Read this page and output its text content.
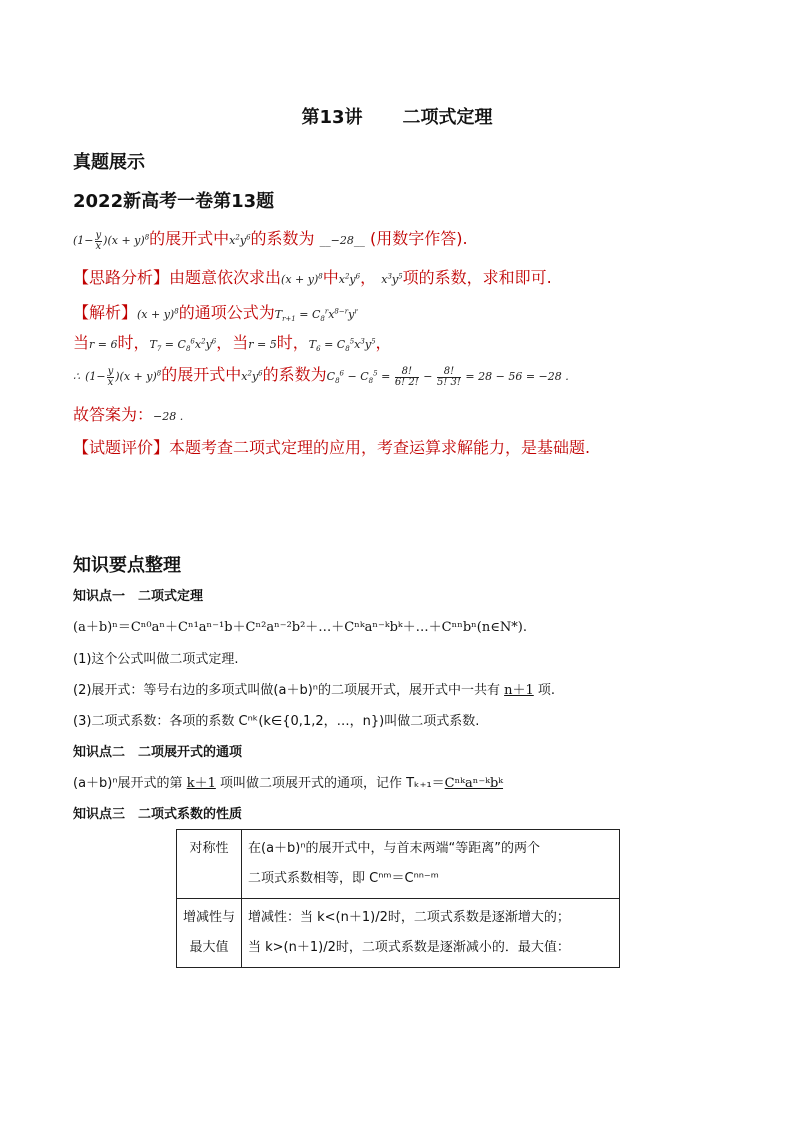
第13讲 二项式定理
真题展示
2022新高考一卷第13题
$(1- \frac{y}{x} )(x + y)^8$的展开式中$x^2y^6$的系数为 __−28__ (用数字作答).
【思路分析】由题意依次求出$(x + y)^8$中$x^2y^6$， $x^3y^5$项的系数，求和即可.
【解析】$(x + y)^8$的通项公式为$T_{r+1} = C_8^rx^{8-r}y^r$
当r = 6时，$T_7 = C_8^6x^2y^6$，当r = 5时，$T_6 = C_8^5x^3y^5$，
∴ $(1- \frac{y}{x} )(x + y)^8$的展开式中$x^2y^6$的系数为$C_8^6 - C_8^5 = \frac{8!}{6! 2!} - \frac{8!}{5! 3!} = 28 - 56 = -28$ .
故答案为：−28 .
【试题评价】本题考查二项式定理的应用，考查运算求解能力，是基础题.
知识要点整理
知识点一　二项式定理
(a＋b)ⁿ＝Cⁿ⁰aⁿ＋Cⁿ¹aⁿ⁻¹b＋Cⁿ²aⁿ⁻²b²＋…＋Cⁿᵏaⁿ⁻ᵏbᵏ＋…＋Cⁿⁿbⁿ(n∈N*).
(1)这个公式叫做二项式定理.
(2)展开式：等号右边的多项式叫做(a＋b)ⁿ的二项展开式，展开式中一共有 n＋1 项.
(3)二项式系数：各项的系数 Cⁿᵏ(k∈{0,1,2，…，n})叫做二项式系数.
知识点二　二项展开式的通项
(a＋b)ⁿ展开式的第 k＋1 项叫做二项展开式的通项，记作 Tₖ₊₁＝Cⁿᵏaⁿ⁻ᵏbᵏ
知识点三　二项式系数的性质
对称性	在(a＋b)ⁿ的展开式中，与首末两端“等距离”的两个
二项式系数相等，即 Cⁿᵐ＝Cⁿⁿ⁻ᵐ

增减性与最大值	增减性：当 k<(n＋1)/2时，二项式系数是逐渐增大的；
当 k>(n＋1)/2时，二项式系数是逐渐减小的．最大值：
